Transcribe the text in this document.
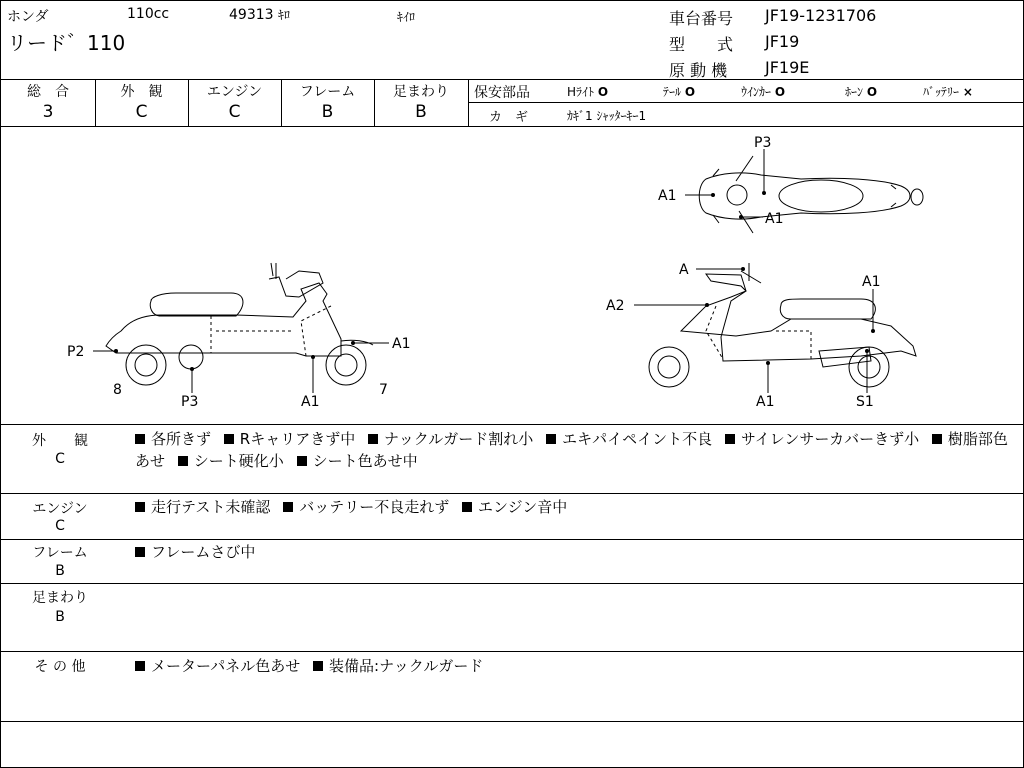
ホンダ	110cc	49313 ｷﾛ	ｷｲﾛ
リード゛110
車台番号 JF19-1231706
型　　式 JF19
原 動 機 JF19E
総　合
3
外　観
C
エンジン
C
フレーム
B
足まわり
B
保安部品	Hﾗｲﾄ O	ﾃｰﾙ O	ｳｲﾝｶｰ O	ﾎｰﾝ O	ﾊﾞｯﾃﾘｰ ×
カ　ギ	ｶｷﾞ1 ｼｬｯﾀｰｷｰ1
P3
A1
A1
A
A2
A1
S1
A1
P2	A1
P3	A1
8	7
外　　観
C
各所きず Rキャリアきず中 ナックルガード割れ小 エキパイペイント不良 サイレンサーカバーきず小 樹脂部色あせ シート硬化小 シート色あせ中
エンジン
C
走行テスト未確認 バッテリー不良走れず エンジン音中
フレーム
B
フレームさび中
足まわり
B
そ の 他	メーターパネル色あせ 装備品:ナックルガード
